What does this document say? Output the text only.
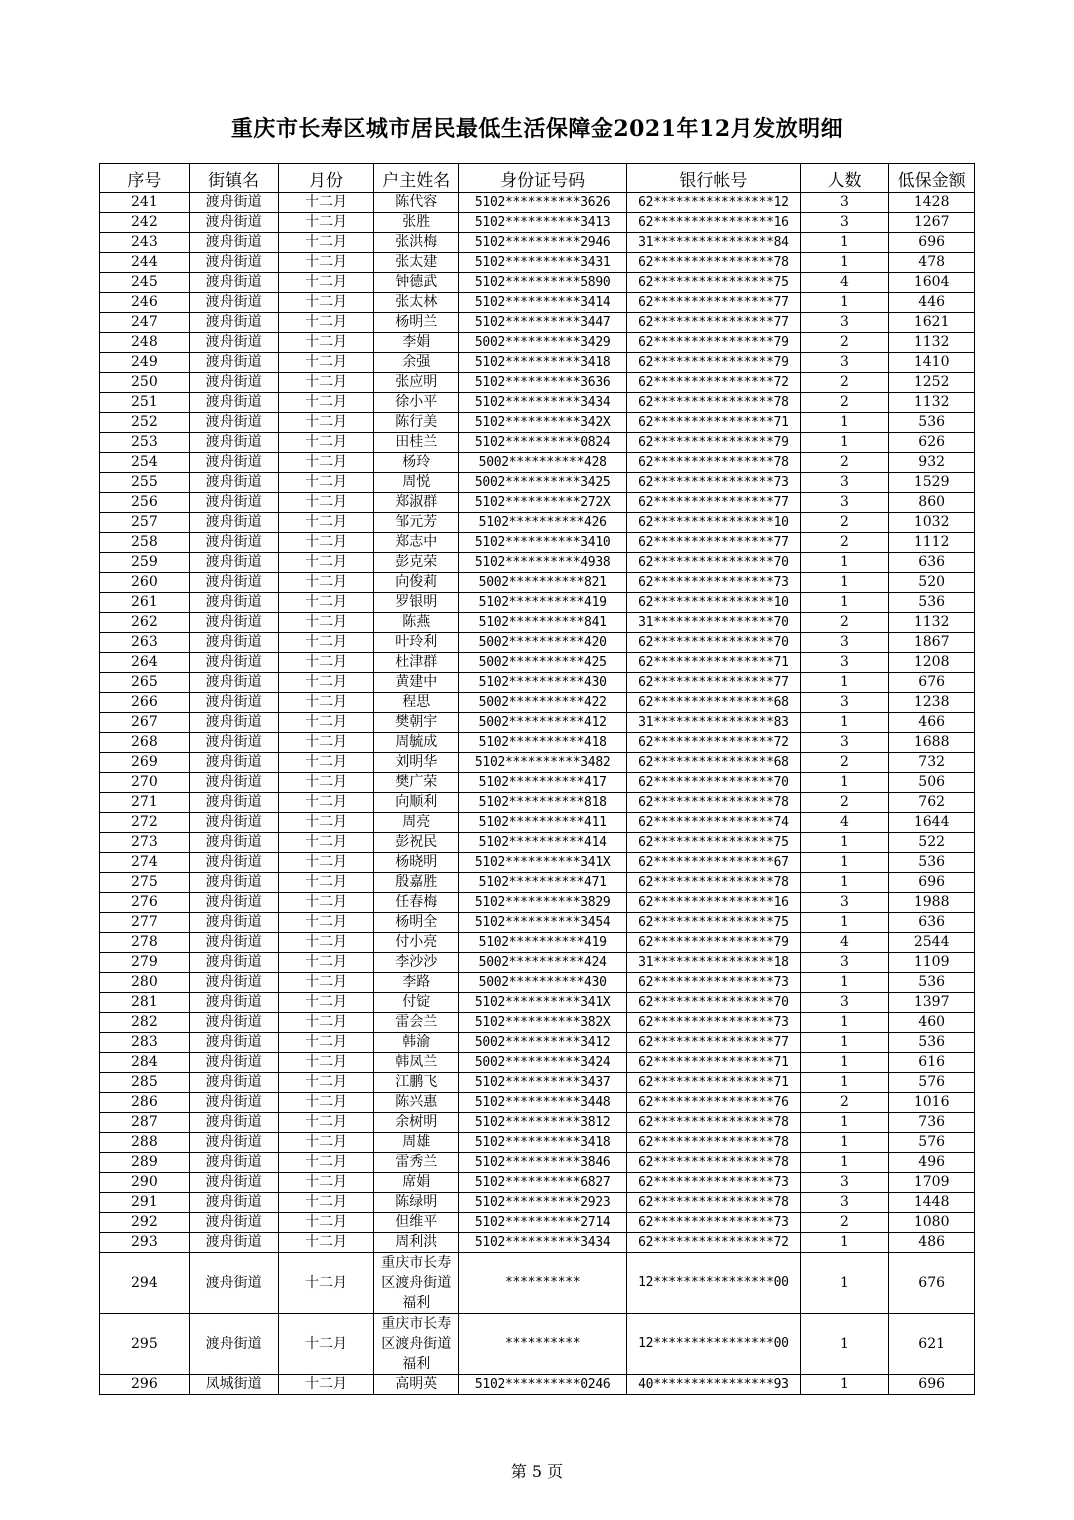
重庆市长寿区城市居民最低生活保障金2021年12月发放明细
序号	街镇名	月份	户主姓名	身份证号码	银行帐号	人数	低保金额
241	渡舟街道	十二月	陈代容	5102**********3626	62****************12	3	1428
242	渡舟街道	十二月	张胜	5102**********3413	62****************16	3	1267
243	渡舟街道	十二月	张洪梅	5102**********2946	31****************84	1	696
244	渡舟街道	十二月	张太建	5102**********3431	62****************78	1	478
245	渡舟街道	十二月	钟德武	5102**********5890	62****************75	4	1604
246	渡舟街道	十二月	张太林	5102**********3414	62****************77	1	446
247	渡舟街道	十二月	杨明兰	5102**********3447	62****************77	3	1621
248	渡舟街道	十二月	李娟	5002**********3429	62****************79	2	1132
249	渡舟街道	十二月	余强	5102**********3418	62****************79	3	1410
250	渡舟街道	十二月	张应明	5102**********3636	62****************72	2	1252
251	渡舟街道	十二月	徐小平	5102**********3434	62****************78	2	1132
252	渡舟街道	十二月	陈行美	5102**********342X	62****************71	1	536
253	渡舟街道	十二月	田桂兰	5102**********0824	62****************79	1	626
254	渡舟街道	十二月	杨玲	5002**********428	62****************78	2	932
255	渡舟街道	十二月	周悦	5002**********3425	62****************73	3	1529
256	渡舟街道	十二月	郑淑群	5102**********272X	62****************77	3	860
257	渡舟街道	十二月	邹元芳	5102**********426	62****************10	2	1032
258	渡舟街道	十二月	郑志中	5102**********3410	62****************77	2	1112
259	渡舟街道	十二月	彭克荣	5102**********4938	62****************70	1	636
260	渡舟街道	十二月	向俊莉	5002**********821	62****************73	1	520
261	渡舟街道	十二月	罗银明	5102**********419	62****************10	1	536
262	渡舟街道	十二月	陈燕	5102**********841	31****************70	2	1132
263	渡舟街道	十二月	叶玲利	5002**********420	62****************70	3	1867
264	渡舟街道	十二月	杜津群	5002**********425	62****************71	3	1208
265	渡舟街道	十二月	黄建中	5102**********430	62****************77	1	676
266	渡舟街道	十二月	程思	5002**********422	62****************68	3	1238
267	渡舟街道	十二月	樊朝宇	5002**********412	31****************83	1	466
268	渡舟街道	十二月	周毓成	5102**********418	62****************72	3	1688
269	渡舟街道	十二月	刘明华	5102**********3482	62****************68	2	732
270	渡舟街道	十二月	樊广荣	5102**********417	62****************70	1	506
271	渡舟街道	十二月	向顺利	5102**********818	62****************78	2	762
272	渡舟街道	十二月	周亮	5102**********411	62****************74	4	1644
273	渡舟街道	十二月	彭祝民	5102**********414	62****************75	1	522
274	渡舟街道	十二月	杨晓明	5102**********341X	62****************67	1	536
275	渡舟街道	十二月	殷嘉胜	5102**********471	62****************78	1	696
276	渡舟街道	十二月	任春梅	5102**********3829	62****************16	3	1988
277	渡舟街道	十二月	杨明全	5102**********3454	62****************75	1	636
278	渡舟街道	十二月	付小亮	5102**********419	62****************79	4	2544
279	渡舟街道	十二月	李沙沙	5002**********424	31****************18	3	1109
280	渡舟街道	十二月	李路	5002**********430	62****************73	1	536
281	渡舟街道	十二月	付锭	5102**********341X	62****************70	3	1397
282	渡舟街道	十二月	雷会兰	5102**********382X	62****************73	1	460
283	渡舟街道	十二月	韩渝	5002**********3412	62****************77	1	536
284	渡舟街道	十二月	韩凤兰	5002**********3424	62****************71	1	616
285	渡舟街道	十二月	江鹏飞	5102**********3437	62****************71	1	576
286	渡舟街道	十二月	陈兴惠	5102**********3448	62****************76	2	1016
287	渡舟街道	十二月	余树明	5102**********3812	62****************78	1	736
288	渡舟街道	十二月	周雄	5102**********3418	62****************78	1	576
289	渡舟街道	十二月	雷秀兰	5102**********3846	62****************78	1	496
290	渡舟街道	十二月	席娟	5102**********6827	62****************73	3	1709
291	渡舟街道	十二月	陈绿明	5102**********2923	62****************78	3	1448
292	渡舟街道	十二月	但维平	5102**********2714	62****************73	2	1080
293	渡舟街道	十二月	周利洪	5102**********3434	62****************72	1	486
294	渡舟街道	十二月	重庆市长寿区渡舟街道福利	**********	12****************00	1	676
295	渡舟街道	十二月	重庆市长寿区渡舟街道福利	**********	12****************00	1	621
296	凤城街道	十二月	高明英	5102**********0246	40****************93	1	696
第 5 页
